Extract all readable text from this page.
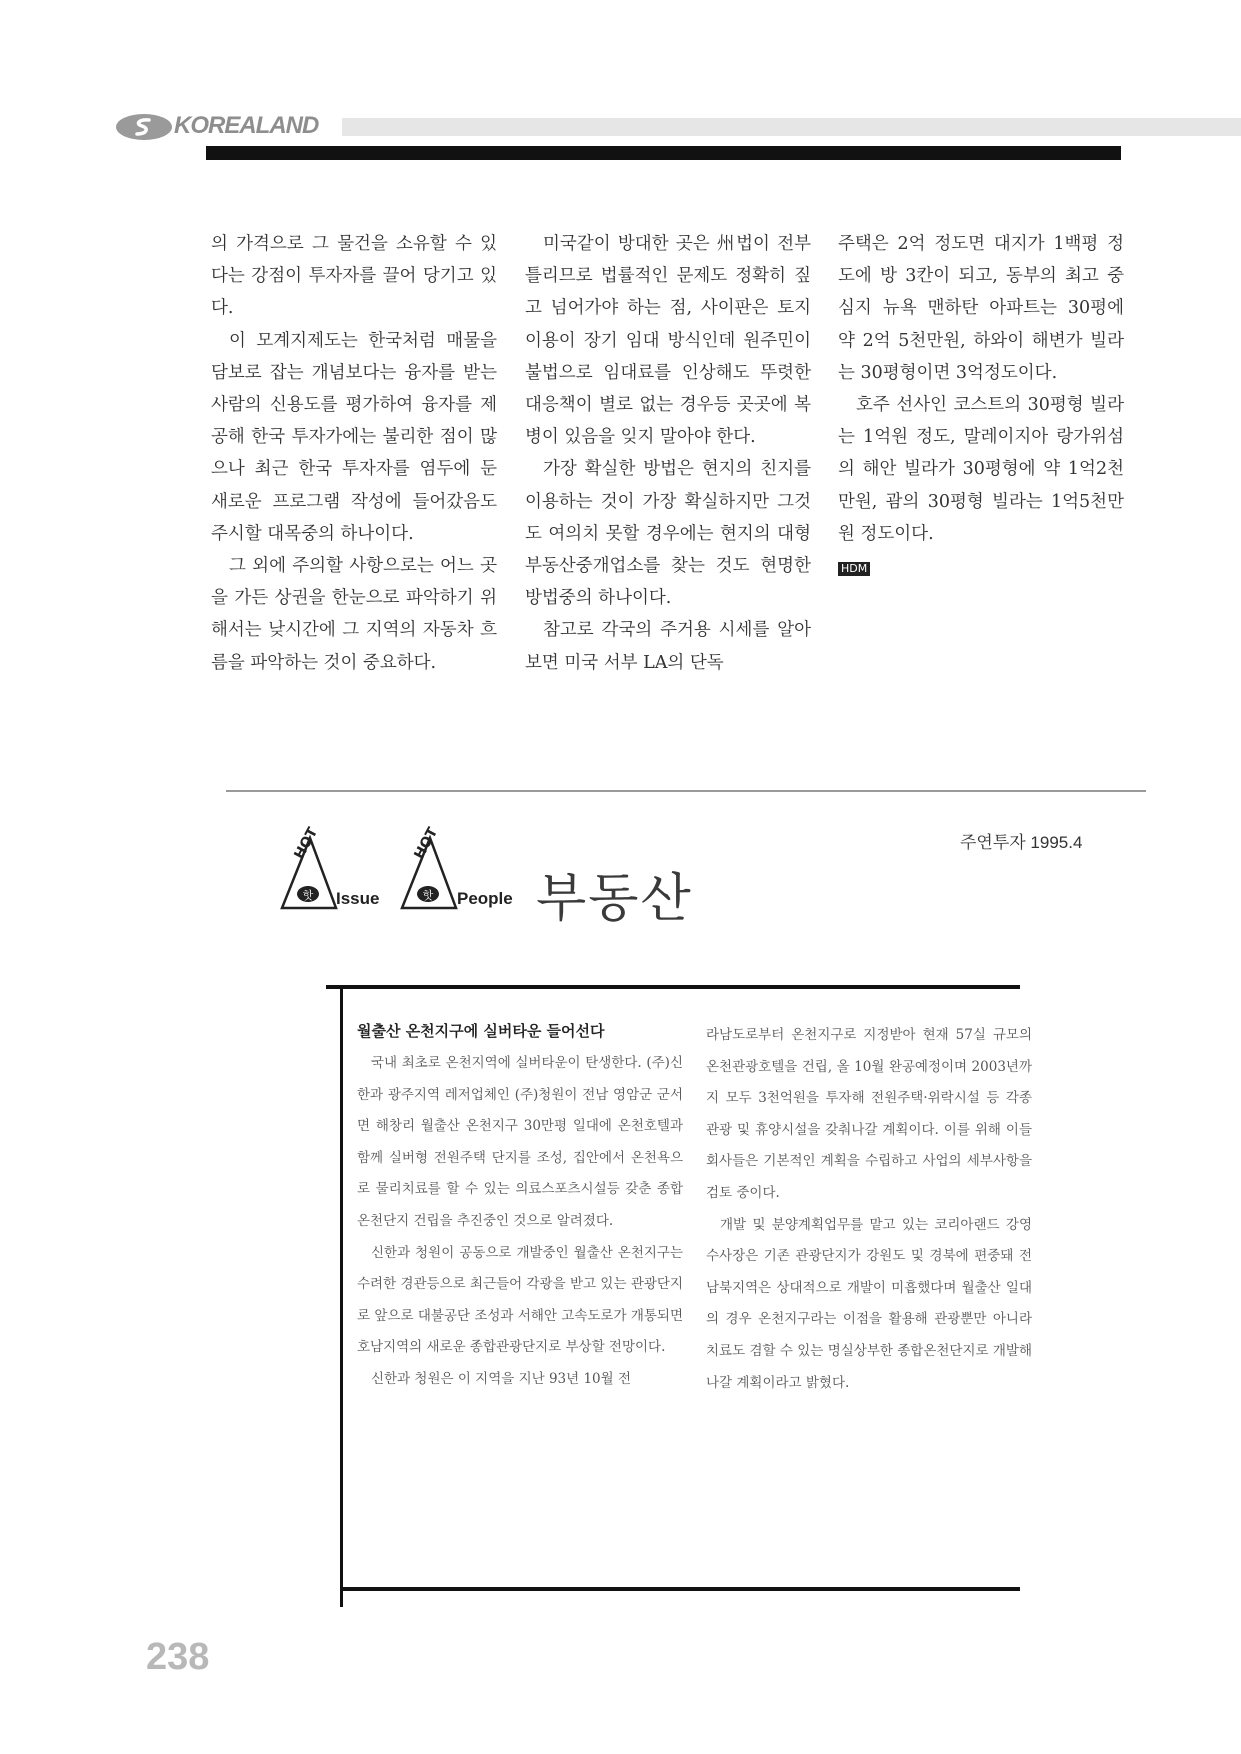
KOREALAND

의 가격으로 그 물건을 소유할 수 있다는 강점이 투자자를 끌어 당기고 있다.

이 모계지제도는 한국처럼 매물을 담보로 잡는 개념보다는 융자를 받는 사람의 신용도를 평가하여 융자를 제공해 한국 투자가에는 불리한 점이 많으나 최근 한국 투자자를 염두에 둔 새로운 프로그램 작성에 들어갔음도 주시할 대목중의 하나이다.

그 외에 주의할 사항으로는 어느 곳을 가든 상권을 한눈으로 파악하기 위해서는 낮시간에 그 지역의 자동차 흐름을 파악하는 것이 중요하다.

미국같이 방대한 곳은 州법이 전부 틀리므로 법률적인 문제도 정확히 짚고 넘어가야 하는 점, 사이판은 토지 이용이 장기 임대 방식인데 원주민이 불법으로 임대료를 인상해도 뚜렷한 대응책이 별로 없는 경우등 곳곳에 복병이 있음을 잊지 말아야 한다.

가장 확실한 방법은 현지의 친지를 이용하는 것이 가장 확실하지만 그것도 여의치 못할 경우에는 현지의 대형 부동산중개업소를 찾는 것도 현명한 방법중의 하나이다.

참고로 각국의 주거용 시세를 알아보면 미국 서부 LA의 단독

주택은 2억 정도면 대지가 1백평 정도에 방 3칸이 되고, 동부의 최고 중심지 뉴욕 맨하탄 아파트는 30평에 약 2억 5천만원, 하와이 해변가 빌라는 30평형이면 3억정도이다.

호주 선사인 코스트의 30평형 빌라는 1억원 정도, 말레이지아 랑가위섬의 해안 빌라가 30평형에 약 1억2천만원, 괌의 30평형 빌라는 1억5천만원 정도이다.

HDM

주연투자 1995.4
핫
HOT
Issue	핫
HOT
People 부동산

월출산 온천지구에 실버타운 들어선다

국내 최초로 온천지역에 실버타운이 탄생한다. (주)신한과 광주지역 레저업체인 (주)청원이 전남 영암군 군서면 해창리 월출산 온천지구 30만평 일대에 온천호텔과 함께 실버형 전원주택 단지를 조성, 집안에서 온천욕으로 물리치료를 할 수 있는 의료스포츠시설등 갖춘 종합온천단지 건립을 추진중인 것으로 알려졌다.

신한과 청원이 공동으로 개발중인 월출산 온천지구는 수려한 경관등으로 최근들어 각광을 받고 있는 관광단지로 앞으로 대불공단 조성과 서해안 고속도로가 개통되면 호남지역의 새로운 종합관광단지로 부상할 전망이다.

신한과 청원은 이 지역을 지난 93년 10월 전

라남도로부터 온천지구로 지정받아 현재 57실 규모의 온천관광호텔을 건립, 올 10월 완공예정이며 2003년까지 모두 3천억원을 투자해 전원주택·위락시설 등 각종 관광 및 휴양시설을 갖춰나갈 계획이다. 이를 위해 이들 회사들은 기본적인 계획을 수립하고 사업의 세부사항을 검토 중이다.

개발 및 분양계획업무를 맡고 있는 코리아랜드 강영수사장은 기존 관광단지가 강원도 및 경북에 편중돼 전남북지역은 상대적으로 개발이 미흡했다며 월출산 일대의 경우 온천지구라는 이점을 활용해 관광뿐만 아니라 치료도 겸할 수 있는 명실상부한 종합온천단지로 개발해 나갈 계획이라고 밝혔다.

238
